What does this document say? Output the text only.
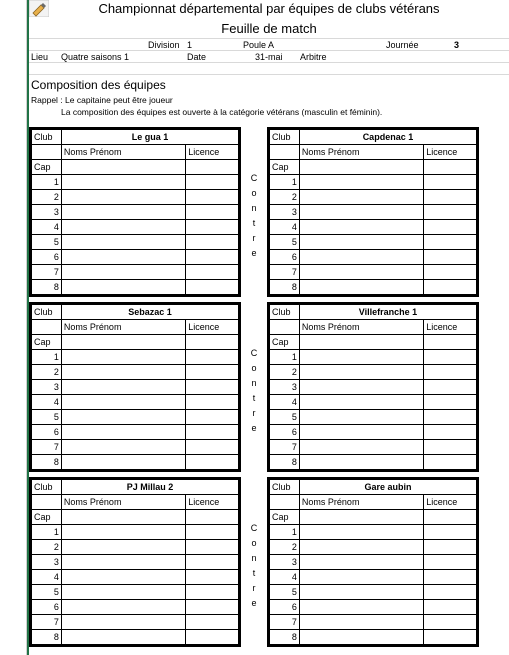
Championnat départemental par équipes de clubs vétérans
Feuille de match
Division 1	Poule A	Journée	3
Lieu Quatre saisons 1	Date	31-mai Arbitre
Composition des équipes
Rappel : Le capitaine peut être joueur
La composition des équipes est ouverte à la catégorie vétérans (masculin et féminin).
Club	Le gua 1	
	Noms Prénom	Licence
Cap		
1		
2		
3		
4		
5		
6		
7		
8		
Club	Capdenac 1	
	Noms Prénom	Licence
Cap		
1		
2		
3		
4		
5		
6		
7		
8		
C
o
n
t
r
e
Club	Sebazac 1	
	Noms Prénom	Licence
Cap		
1		
2		
3		
4		
5		
6		
7		
8		
Club	Villefranche 1	
	Noms Prénom	Licence
Cap		
1		
2		
3		
4		
5		
6		
7		
8		
C
o
n
t
r
e
Club	PJ Millau 2	
	Noms Prénom	Licence
Cap		
1		
2		
3		
4		
5		
6		
7		
8		
Club	Gare aubin	
	Noms Prénom	Licence
Cap		
1		
2		
3		
4		
5		
6		
7		
8		
C
o
n
t
r
e
